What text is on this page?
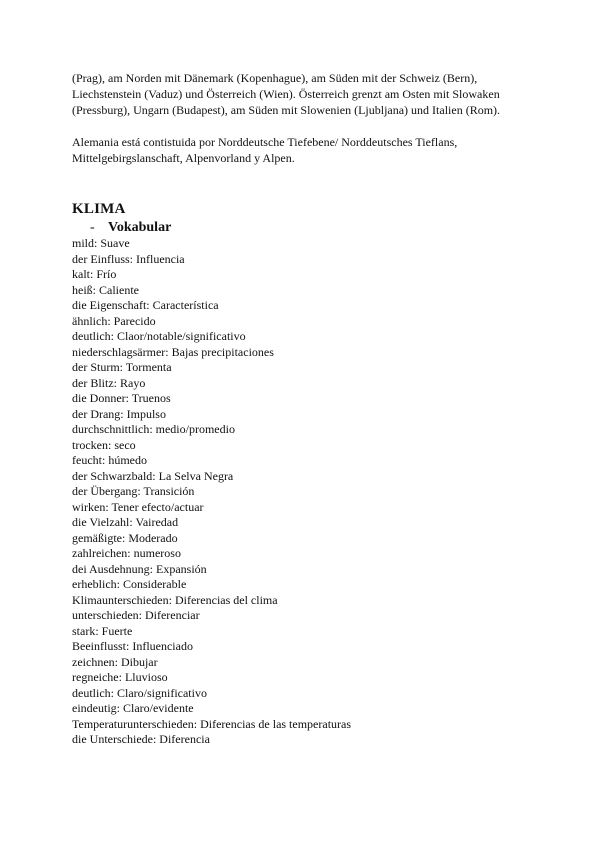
(Prag), am Norden mit Dänemark (Kopenhague), am Süden mit der Schweiz (Bern), Liechstenstein (Vaduz) und Österreich (Wien). Österreich grenzt am Osten mit Slowaken (Pressburg), Ungarn (Budapest), am Süden mit Slowenien (Ljubljana) und Italien (Rom).

Alemania está contistuida por Norddeutsche Tiefebene/ Norddeutsches Tieflans, Mittelgebirgslanschaft, Alpenvorland y Alpen.

KLIMA
- Vokabular
mild: Suave
der Einfluss: Influencia
kalt: Frío
heiß: Caliente
die Eigenschaft: Característica
ähnlich: Parecido
deutlich: Claor/notable/significativo
niederschlagsärmer: Bajas precipitaciones
der Sturm: Tormenta
der Blitz: Rayo
die Donner: Truenos
der Drang: Impulso
durchschnittlich: medio/promedio
trocken: seco
feucht: húmedo
der Schwarzbald: La Selva Negra
der Übergang: Transición
wirken: Tener efecto/actuar
die Vielzahl: Vairedad
gemäßigte: Moderado
zahlreichen: numeroso
dei Ausdehnung: Expansión
erheblich: Considerable
Klimaunterschieden: Diferencias del clima
unterschieden: Diferenciar
stark: Fuerte
Beeinflusst: Influenciado
zeichnen: Dibujar
regneiche: Lluvioso
deutlich: Claro/significativo
eindeutig: Claro/evidente
Temperaturunterschieden: Diferencias de las temperaturas
die Unterschiede: Diferencia
